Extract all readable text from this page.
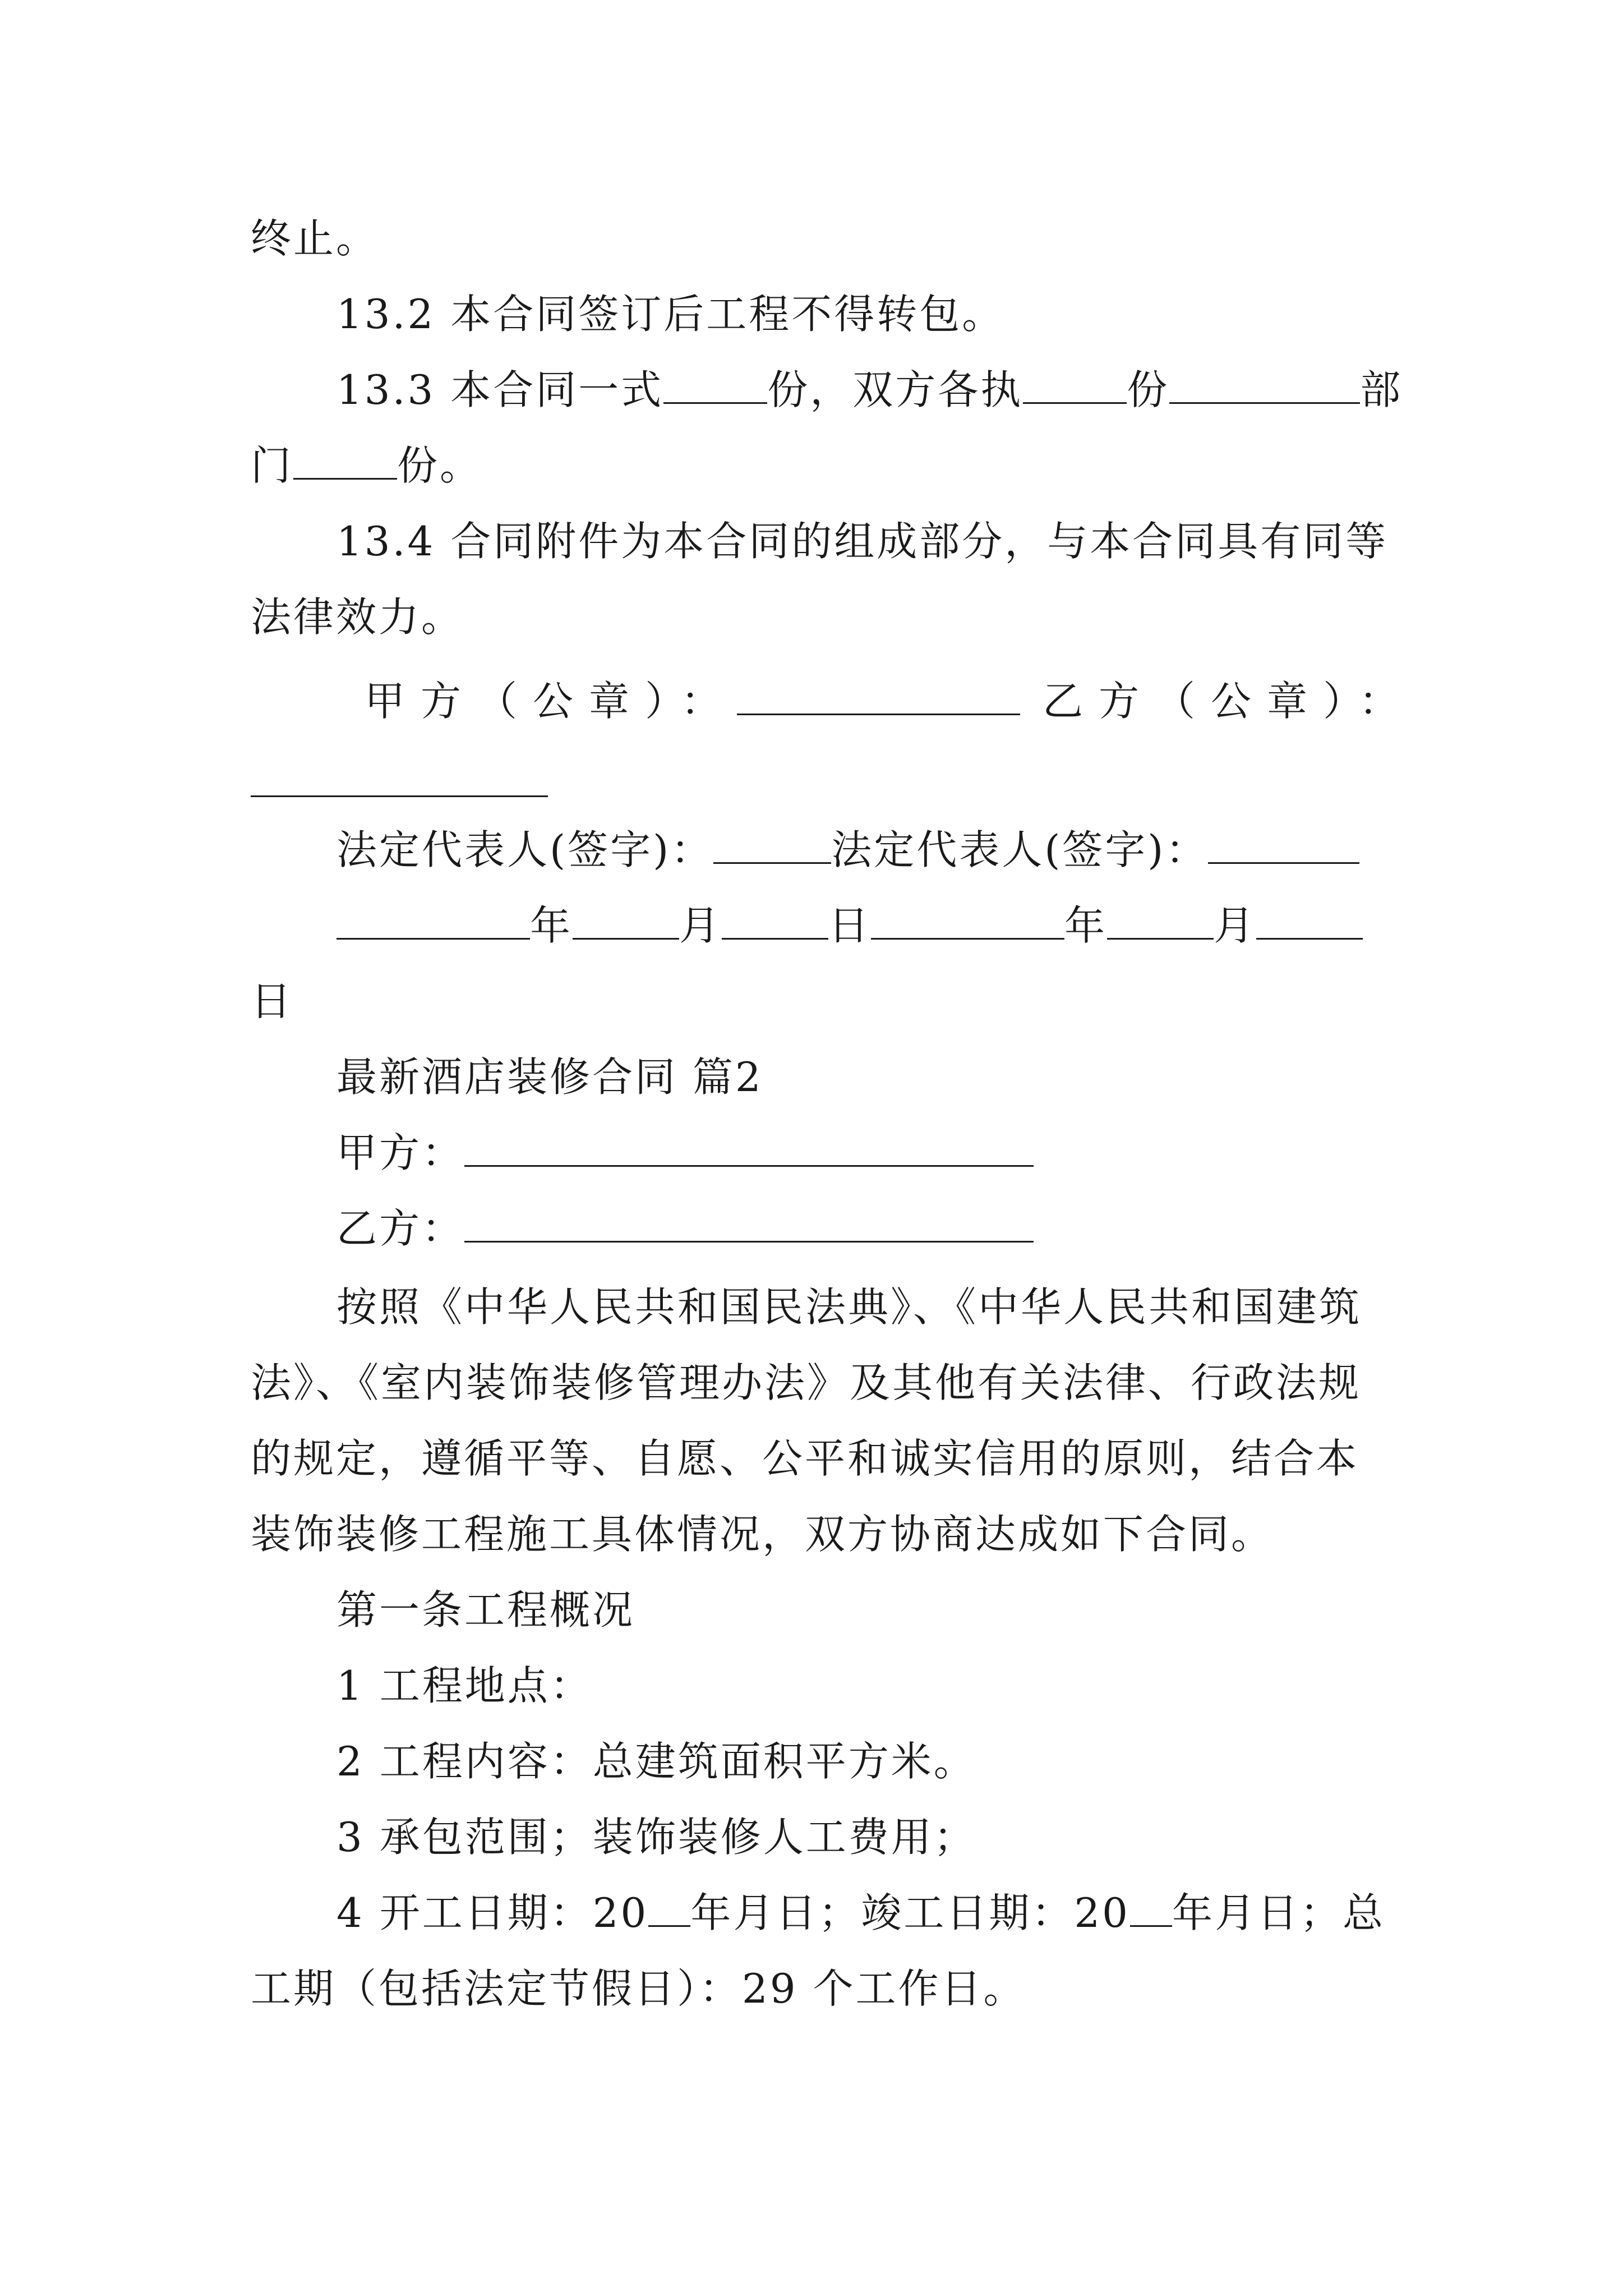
终止。
13.2 本合同签订后工程不得转包。
13.3 本合同一式	份，双方各执	份	部
门	份。
13.4 合同附件为本合同的组成部分，与本合同具有同等
法律效力。
甲方（公章）：	乙方（公章）：
法定代表人(签字)：	法定代表人(签字)：
年	月	日	年	月
日
最新酒店装修合同 篇2
甲方：
乙方：
按照《中华人民共和国民法典》、《中华人民共和国建筑
法》、《室内装饰装修管理办法》及其他有关法律、行政法规
的规定，遵循平等、自愿、公平和诚实信用的原则，结合本
装饰装修工程施工具体情况，双方协商达成如下合同。
第一条工程概况
1 工程地点：
2 工程内容：总建筑面积平方米。
3 承包范围；装饰装修人工费用；
4 开工日期：20 年月日；竣工日期：20 年月日；总
工期（包括法定节假日）：29 个工作日。
